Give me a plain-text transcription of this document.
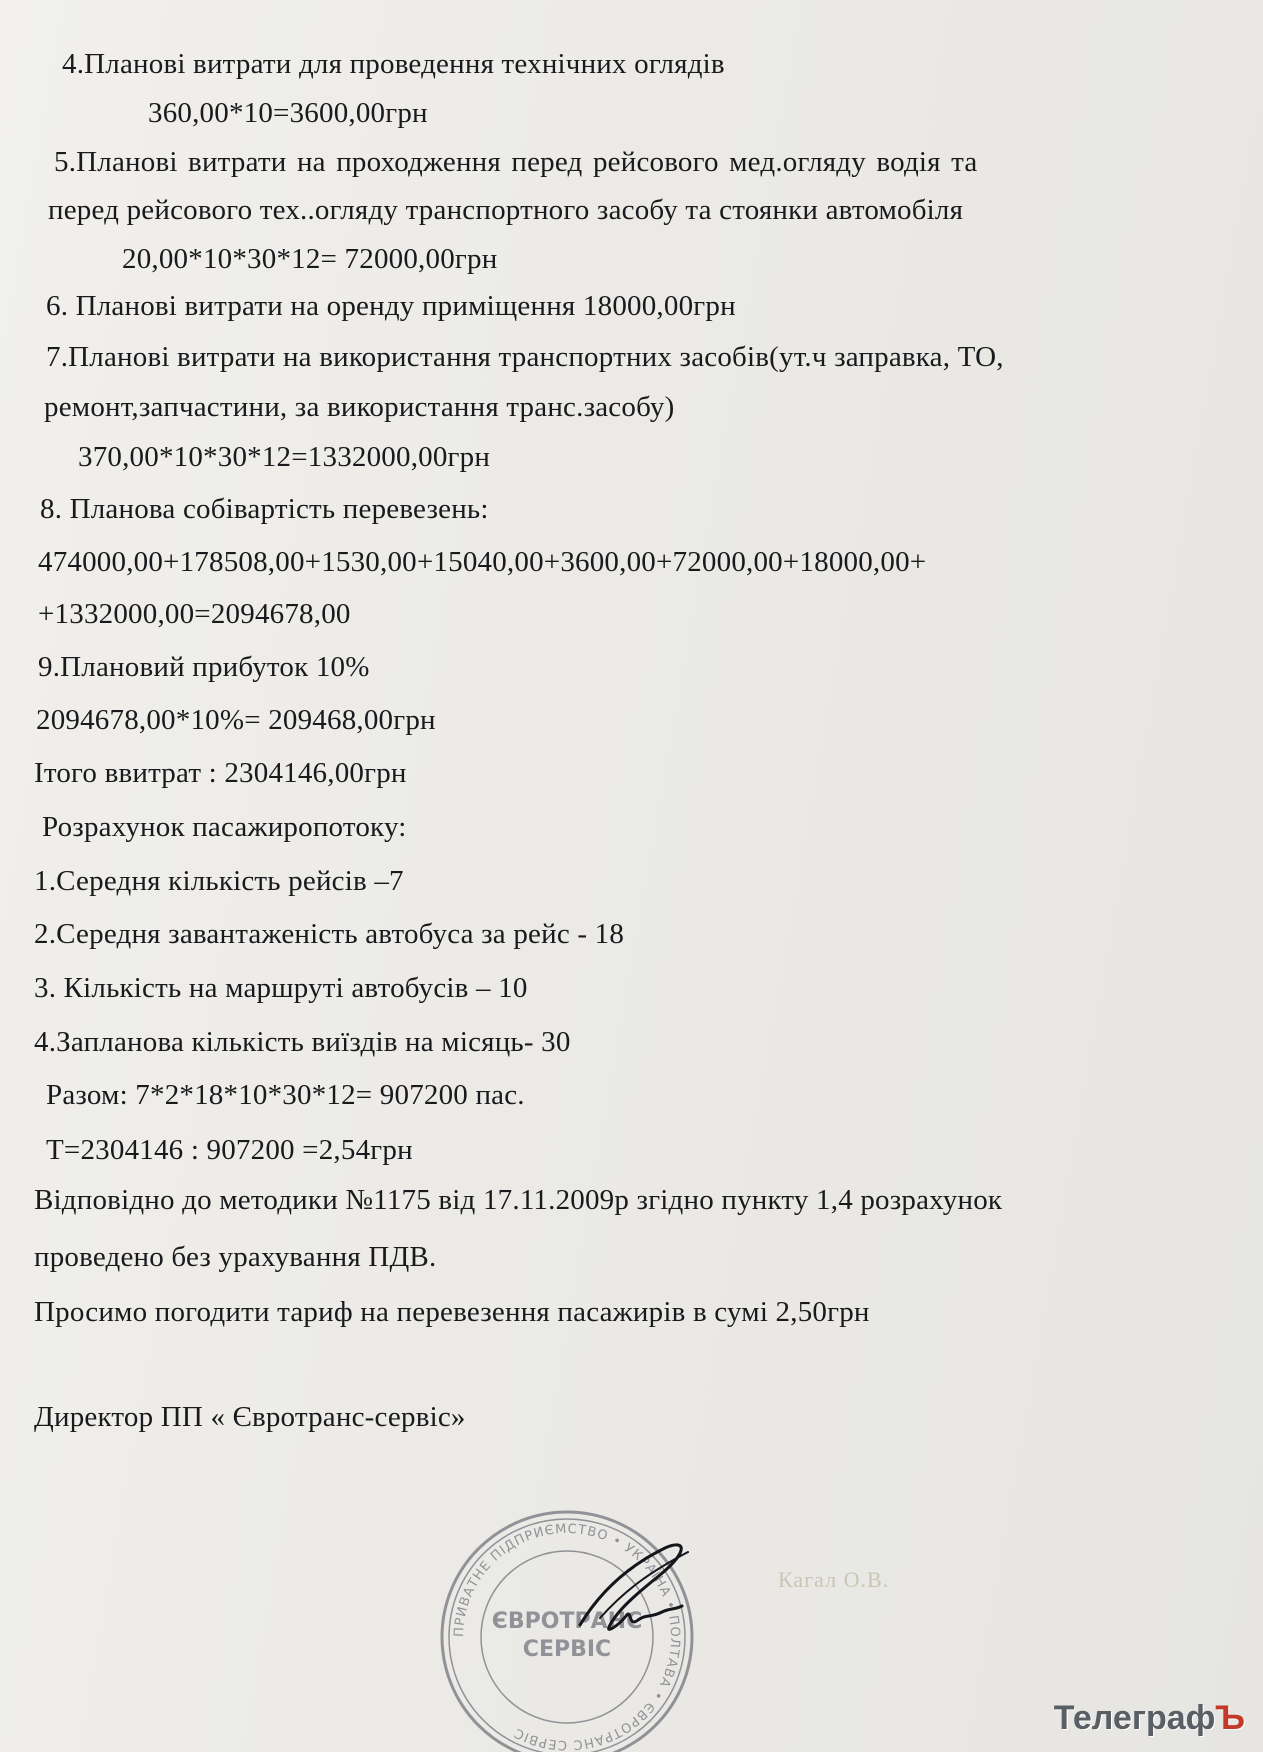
4.Планові витрати для проведення технічних оглядів
360,00*10=3600,00грн
5.Планові витрати на проходження перед рейсового мед.огляду водія та
перед рейсового тех..огляду транспортного засобу та стоянки автомобіля
20,00*10*30*12= 72000,00грн
6. Планові витрати на оренду приміщення 18000,00грн
7.Планові витрати на використання транспортних засобів(ут.ч заправка, ТО,
ремонт,запчастини, за використання транс.засобу)
370,00*10*30*12=1332000,00грн
8. Планова собівартість перевезень:
474000,00+178508,00+1530,00+15040,00+3600,00+72000,00+18000,00+
+1332000,00=2094678,00
9.Плановий прибуток 10%
2094678,00*10%= 209468,00грн
Ітого ввитрат : 2304146,00грн
Розрахунок пасажиропотоку:
1.Середня кількість рейсів –7
2.Середня завантаженість автобуса за рейс - 18
3. Кількість на маршруті автобусів – 10
4.Запланова кількість виїздів на місяць- 30
Разом: 7*2*18*10*30*12= 907200 пас.
Т=2304146 : 907200 =2,54грн
Відповідно до методики №1175 від 17.11.2009р згідно пункту 1,4 розрахунок
проведено без урахування ПДВ.
Просимо погодити тариф на перевезення пасажирів в сумі 2,50грн
Директор ПП « Євротранс-сервіс»
ПРИВАТНЕ ПІДПРИЄМСТВО • УКРАЇНА • ПОЛТАВА • ЄВРОТРАНС СЕРВІС
ЄВРОТРАНС
СЕРВІС
Кагал О.В.
ТелеграфЪ
